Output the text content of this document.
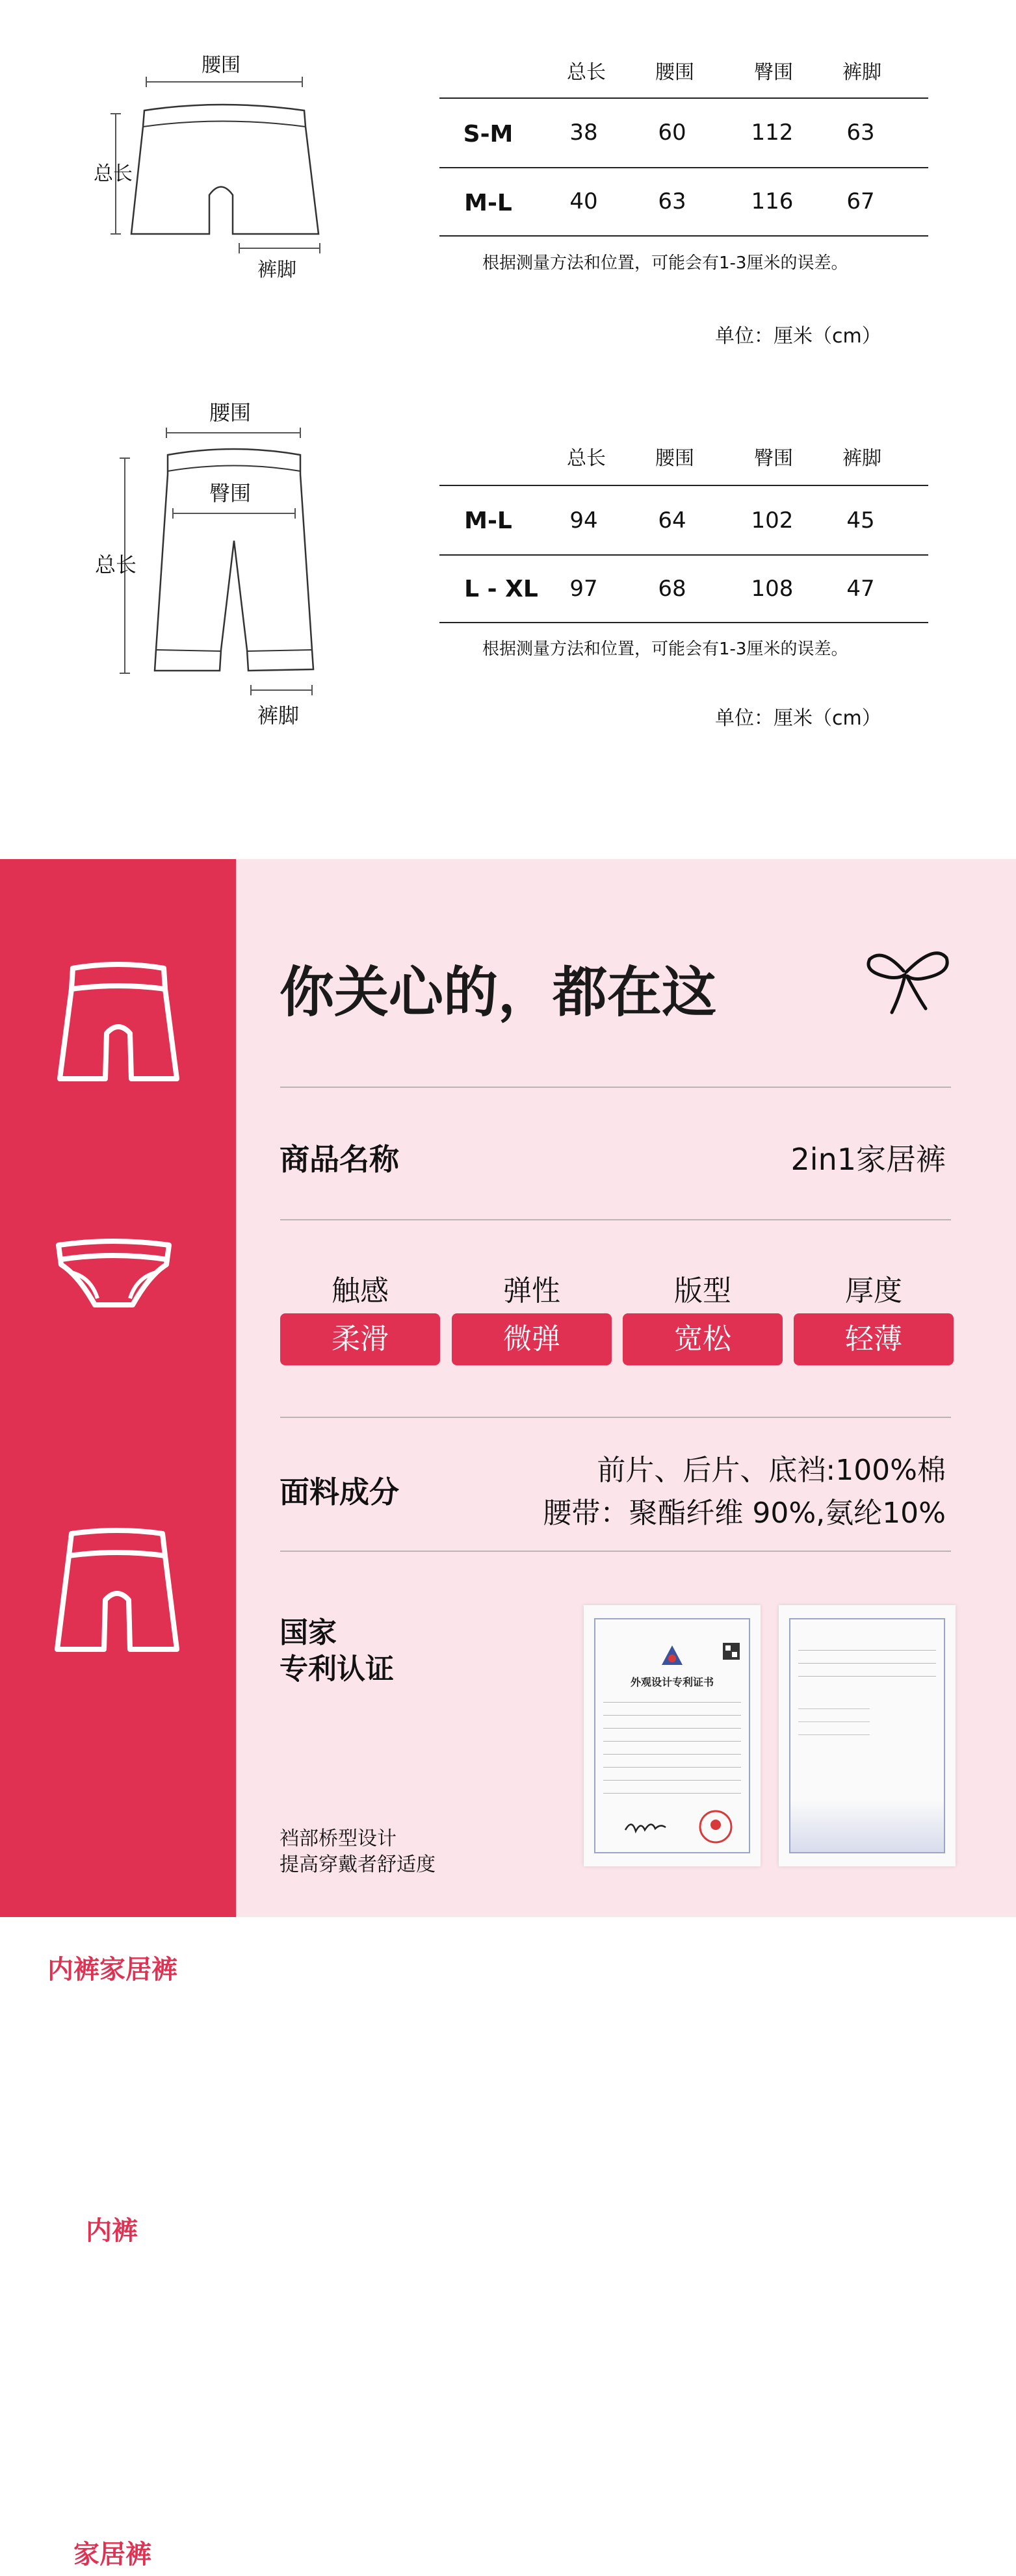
腰围
总长
裤脚
总长	腰围	臀围	裤脚
S-M	38	60	112	63
M-L	40	63	116	67
根据测量方法和位置，可能会有1-3厘米的误差。
单位：厘米（cm）
腰围
臀围
总长
裤脚
总长	腰围	臀围	裤脚
M-L	94	64	102	45
L - XL	97	68	108	47
根据测量方法和位置，可能会有1-3厘米的误差。
单位：厘米（cm）
内裤家居裤
=
内裤
+
家居裤
你关心的，都在这
商品名称	2in1家居裤
触感	弹性	版型	厚度
柔滑	微弹	宽松	轻薄
面料成分
前片、后片、底裆:100%棉
腰带：聚酯纤维 90%,氨纶10%
国家
专利认证
裆部桥型设计
提高穿戴者舒适度
外观设计专利证书
